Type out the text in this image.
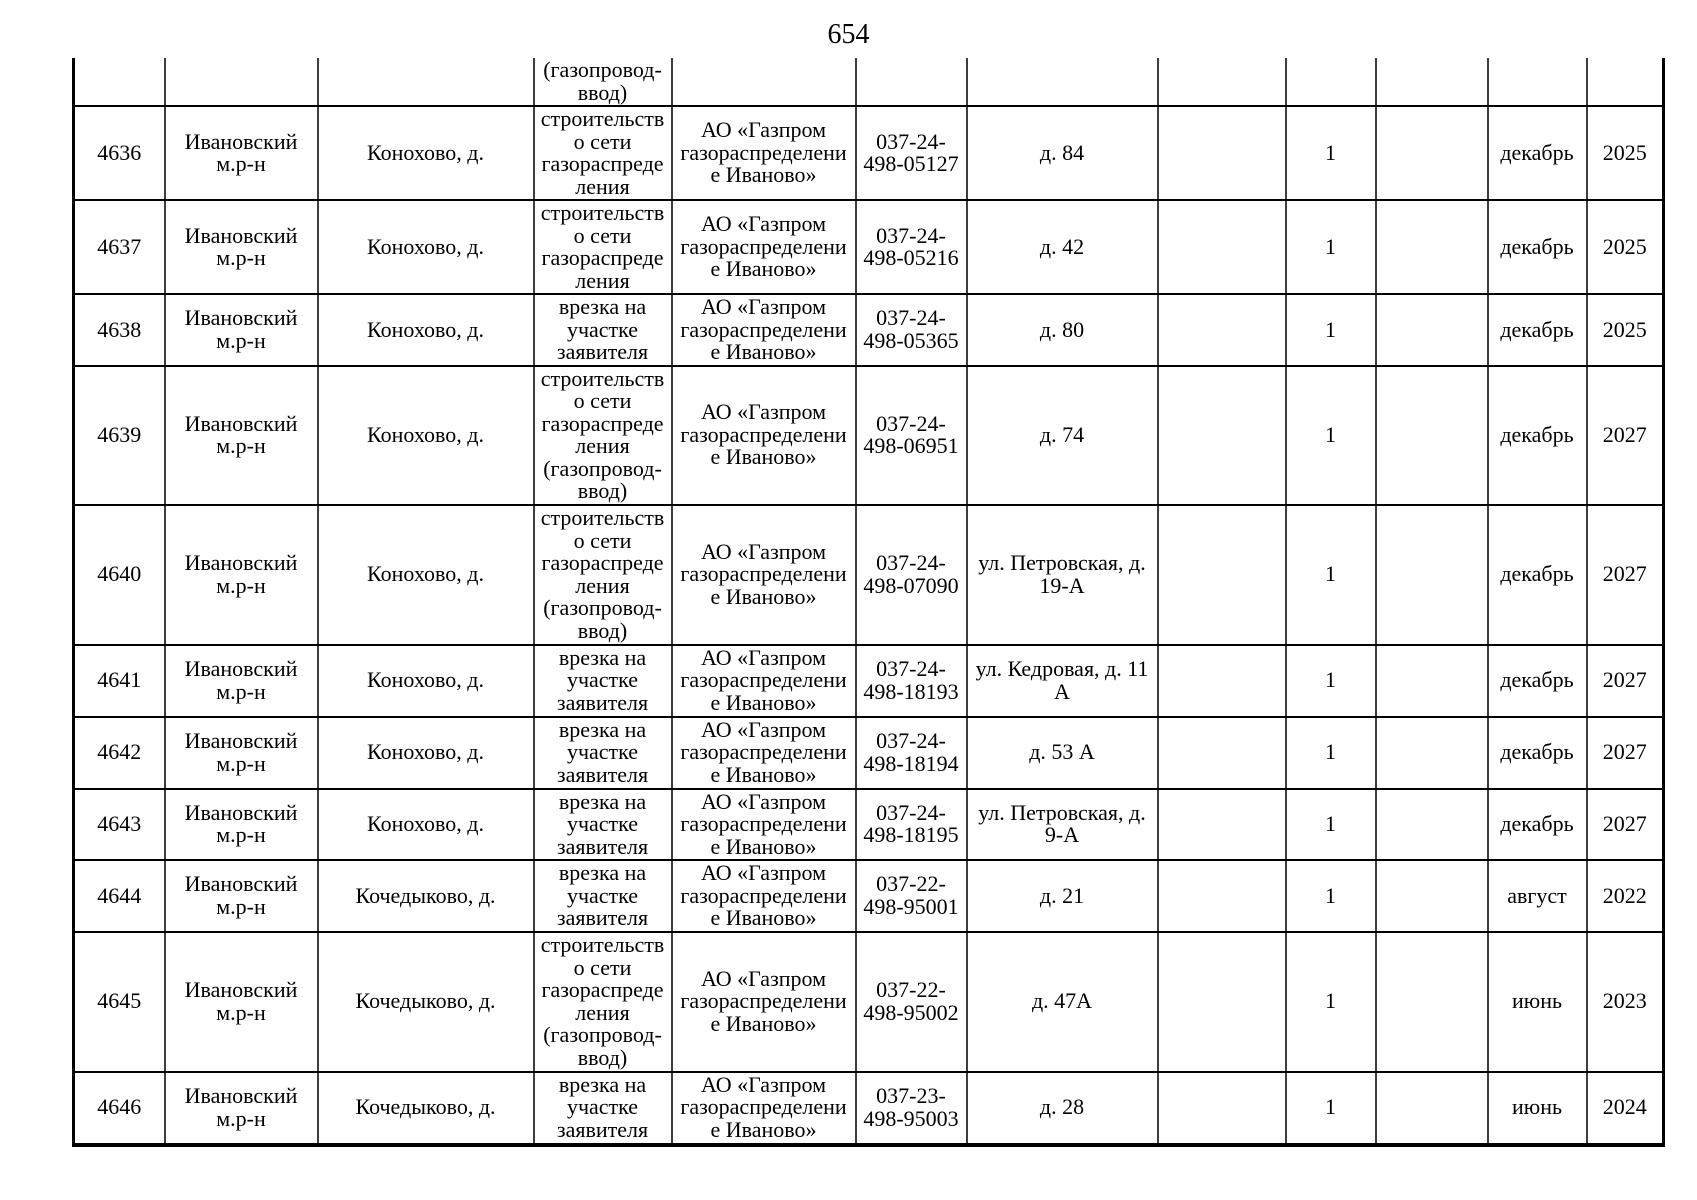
654
			(газопровод-ввод)								
4636	Ивановский м.р-н	Конохово, д.	строительство сети газораспределения	АО «Газпром газораспределение Иваново»	037-24-498-05127	д. 84		1		декабрь	2025
4637	Ивановский м.р-н	Конохово, д.	строительство сети газораспределения	АО «Газпром газораспределение Иваново»	037-24-498-05216	д. 42		1		декабрь	2025
4638	Ивановский м.р-н	Конохово, д.	врезка на участке заявителя	АО «Газпром газораспределение Иваново»	037-24-498-05365	д. 80		1		декабрь	2025
4639	Ивановский м.р-н	Конохово, д.	строительство сети газораспределения (газопровод-ввод)	АО «Газпром газораспределение Иваново»	037-24-498-06951	д. 74		1		декабрь	2027
4640	Ивановский м.р-н	Конохово, д.	строительство сети газораспределения (газопровод-ввод)	АО «Газпром газораспределение Иваново»	037-24-498-07090	ул. Петровская, д. 19-А		1		декабрь	2027
4641	Ивановский м.р-н	Конохово, д.	врезка на участке заявителя	АО «Газпром газораспределение Иваново»	037-24-498-18193	ул. Кедровая, д. 11 А		1		декабрь	2027
4642	Ивановский м.р-н	Конохово, д.	врезка на участке заявителя	АО «Газпром газораспределение Иваново»	037-24-498-18194	д. 53 А		1		декабрь	2027
4643	Ивановский м.р-н	Конохово, д.	врезка на участке заявителя	АО «Газпром газораспределение Иваново»	037-24-498-18195	ул. Петровская, д. 9-А		1		декабрь	2027
4644	Ивановский м.р-н	Кочедыково, д.	врезка на участке заявителя	АО «Газпром газораспределение Иваново»	037-22-498-95001	д. 21		1		август	2022
4645	Ивановский м.р-н	Кочедыково, д.	строительство сети газораспределения (газопровод-ввод)	АО «Газпром газораспределение Иваново»	037-22-498-95002	д. 47А		1		июнь	2023
4646	Ивановский м.р-н	Кочедыково, д.	врезка на участке заявителя	АО «Газпром газораспределение Иваново»	037-23-498-95003	д. 28		1		июнь	2024
